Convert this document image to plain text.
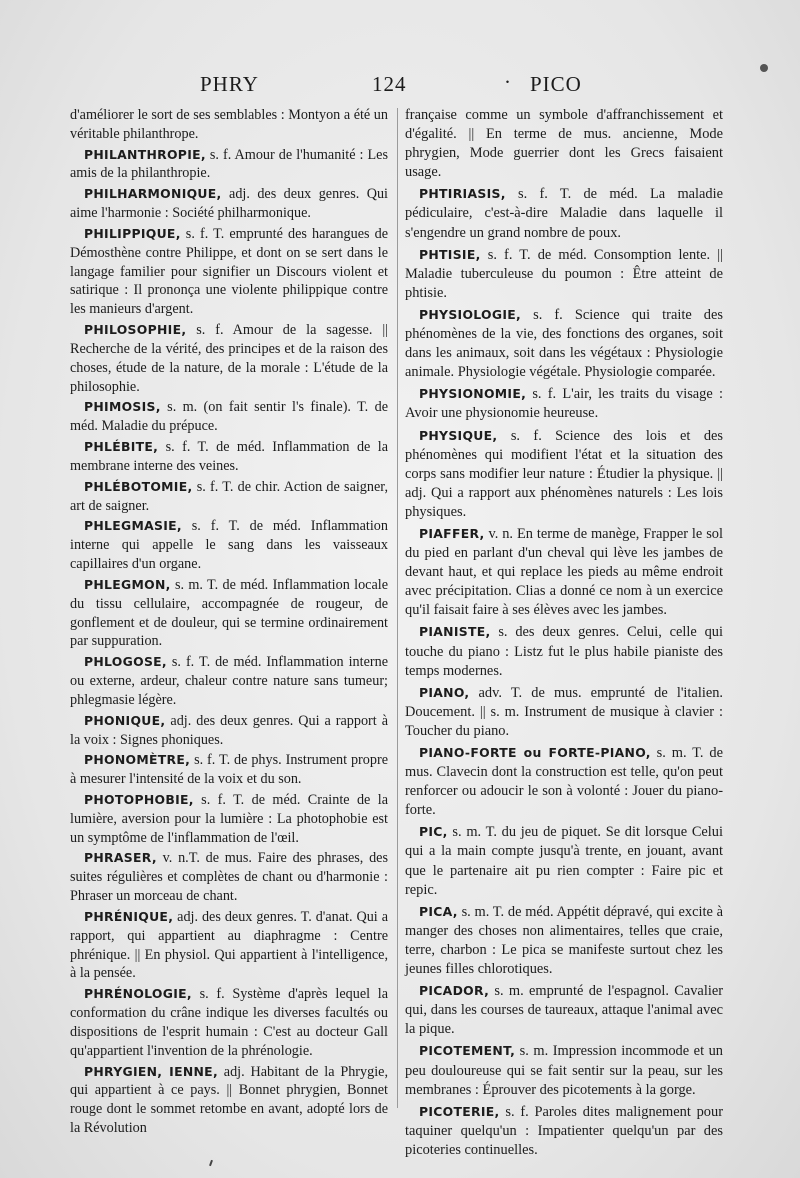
PHRY	124	· PICO

d'améliorer le sort de ses semblables : Montyon a été un véritable philanthrope.

PHILANTHROPIE, s. f. Amour de l'humanité : Les amis de la philanthropie.

PHILHARMONIQUE, adj. des deux genres. Qui aime l'harmonie : Société philharmonique.

PHILIPPIQUE, s. f. T. emprunté des harangues de Démosthène contre Philippe, et dont on se sert dans le langage familier pour signifier un Discours violent et satirique : Il prononça une violente philippique contre les manieurs d'argent.

PHILOSOPHIE, s. f. Amour de la sagesse. || Recherche de la vérité, des principes et de la raison des choses, étude de la nature, de la morale : L'étude de la philosophie.

PHIMOSIS, s. m. (on fait sentir l's finale). T. de méd. Maladie du prépuce.

PHLÉBITE, s. f. T. de méd. Inflammation de la membrane interne des veines.

PHLÉBOTOMIE, s. f. T. de chir. Action de saigner, art de saigner.

PHLEGMASIE, s. f. T. de méd. Inflammation interne qui appelle le sang dans les vaisseaux capillaires d'un organe.

PHLEGMON, s. m. T. de méd. Inflammation locale du tissu cellulaire, accompagnée de rougeur, de gonflement et de douleur, qui se termine ordinairement par suppuration.

PHLOGOSE, s. f. T. de méd. Inflammation interne ou externe, ardeur, chaleur contre nature sans tumeur; phlegmasie légère.

PHONIQUE, adj. des deux genres. Qui a rapport à la voix : Signes phoniques.

PHONOMÈTRE, s. f. T. de phys. Instrument propre à mesurer l'intensité de la voix et du son.

PHOTOPHOBIE, s. f. T. de méd. Crainte de la lumière, aversion pour la lumière : La photophobie est un symptôme de l'inflammation de l'œil.

PHRASER, v. n.T. de mus. Faire des phrases, des suites régulières et complètes de chant ou d'harmonie : Phraser un morceau de chant.

PHRÉNIQUE, adj. des deux genres. T. d'anat. Qui a rapport, qui appartient au diaphragme : Centre phrénique. || En physiol. Qui appartient à l'intelligence, à la pensée.

PHRÉNOLOGIE, s. f. Système d'après lequel la conformation du crâne indique les diverses facultés ou dispositions de l'esprit humain : C'est au docteur Gall qu'appartient l'invention de la phrénologie.

PHRYGIEN, IENNE, adj. Habitant de la Phrygie, qui appartient à ce pays. || Bonnet phrygien, Bonnet rouge dont le sommet retombe en avant, adopté lors de la Révolution

française comme un symbole d'affranchissement et d'égalité. || En terme de mus. ancienne, Mode phrygien, Mode guerrier dont les Grecs faisaient usage.

PHTIRIASIS, s. f. T. de méd. La maladie pédiculaire, c'est-à-dire Maladie dans laquelle il s'engendre un grand nombre de poux.

PHTISIE, s. f. T. de méd. Consomption lente. || Maladie tuberculeuse du poumon : Être atteint de phtisie.

PHYSIOLOGIE, s. f. Science qui traite des phénomènes de la vie, des fonctions des organes, soit dans les animaux, soit dans les végétaux : Physiologie animale. Physiologie végétale. Physiologie comparée.

PHYSIONOMIE, s. f. L'air, les traits du visage : Avoir une physionomie heureuse.

PHYSIQUE, s. f. Science des lois et des phénomènes qui modifient l'état et la situation des corps sans modifier leur nature : Étudier la physique. || adj. Qui a rapport aux phénomènes naturels : Les lois physiques.

PIAFFER, v. n. En terme de manège, Frapper le sol du pied en parlant d'un cheval qui lève les jambes de devant haut, et qui replace les pieds au même endroit avec précipitation. Clias a donné ce nom à un exercice qu'il faisait faire à ses élèves avec les jambes.

PIANISTE, s. des deux genres. Celui, celle qui touche du piano : Listz fut le plus habile pianiste des temps modernes.

PIANO, adv. T. de mus. emprunté de l'italien. Doucement. || s. m. Instrument de musique à clavier : Toucher du piano.

PIANO-FORTE ou FORTE-PIANO, s. m. T. de mus. Clavecin dont la construction est telle, qu'on peut renforcer ou adoucir le son à volonté : Jouer du piano-forte.

PIC, s. m. T. du jeu de piquet. Se dit lorsque Celui qui a la main compte jusqu'à trente, en jouant, avant que le partenaire ait pu rien compter : Faire pic et repic.

PICA, s. m. T. de méd. Appétit dépravé, qui excite à manger des choses non alimentaires, telles que craie, terre, charbon : Le pica se manifeste surtout chez les jeunes filles chlorotiques.

PICADOR, s. m. emprunté de l'espagnol. Cavalier qui, dans les courses de taureaux, attaque l'animal avec la pique.

PICOTEMENT, s. m. Impression incommode et un peu douloureuse qui se fait sentir sur la peau, sur les membranes : Éprouver des picotements à la gorge.

PICOTERIE, s. f. Paroles dites malignement pour taquiner quelqu'un : Impatienter quelqu'un par des picoteries continuelles.
